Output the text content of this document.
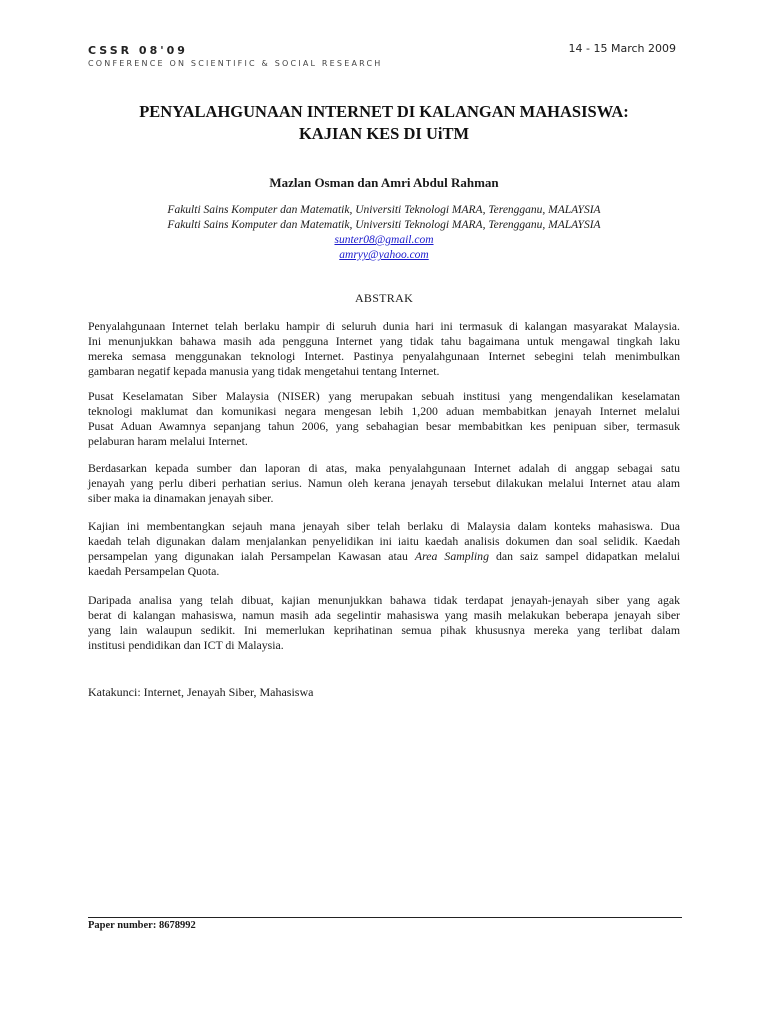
CSSR 08'09
CONFERENCE ON SCIENTIFIC & SOCIAL RESEARCH
14 - 15 March 2009
PENYALAHGUNAAN INTERNET DI KALANGAN MAHASISWA:
KAJIAN KES DI UiTM
Mazlan Osman dan Amri Abdul Rahman
Fakulti Sains Komputer dan Matematik, Universiti Teknologi MARA, Terengganu, MALAYSIA
Fakulti Sains Komputer dan Matematik, Universiti Teknologi MARA, Terengganu, MALAYSIA
sunter08@gmail.com
amryy@yahoo.com
ABSTRAK
Penyalahgunaan Internet telah berlaku hampir di seluruh dunia hari ini termasuk di kalangan masyarakat Malaysia.
Ini menunjukkan bahawa masih ada pengguna Internet yang tidak tahu bagaimana untuk mengawal tingkah laku
mereka semasa menggunakan teknologi Internet. Pastinya penyalahgunaan Internet sebegini telah menimbulkan
gambaran negatif kepada manusia yang tidak mengetahui tentang Internet.
Pusat Keselamatan Siber Malaysia (NISER) yang merupakan sebuah institusi yang mengendalikan keselamatan
teknologi maklumat dan komunikasi negara mengesan lebih 1,200 aduan membabitkan jenayah Internet melalui
Pusat Aduan Awamnya sepanjang tahun 2006, yang sebahagian besar membabitkan kes penipuan siber, termasuk
pelaburan haram melalui Internet.
Berdasarkan kepada sumber dan laporan di atas, maka penyalahgunaan Internet adalah di anggap sebagai satu
jenayah yang perlu diberi perhatian serius. Namun oleh kerana jenayah tersebut dilakukan melalui Internet atau alam
siber maka ia dinamakan jenayah siber.
Kajian ini membentangkan sejauh mana jenayah siber telah berlaku di Malaysia dalam konteks mahasiswa. Dua
kaedah telah digunakan dalam menjalankan penyelidikan ini iaitu kaedah analisis dokumen dan soal selidik. Kaedah
persampelan yang digunakan ialah Persampelan Kawasan atau Area Sampling dan saiz sampel didapatkan melalui
kaedah Persampelan Quota.
Daripada analisa yang telah dibuat, kajian menunjukkan bahawa tidak terdapat jenayah-jenayah siber yang agak
berat di kalangan mahasiswa, namun masih ada segelintir mahasiswa yang masih melakukan beberapa jenayah siber
yang lain walaupun sedikit. Ini memerlukan keprihatinan semua pihak khususnya mereka yang terlibat dalam
institusi pendidikan dan ICT di Malaysia.
Katakunci: Internet, Jenayah Siber, Mahasiswa
Paper number: 8678992
